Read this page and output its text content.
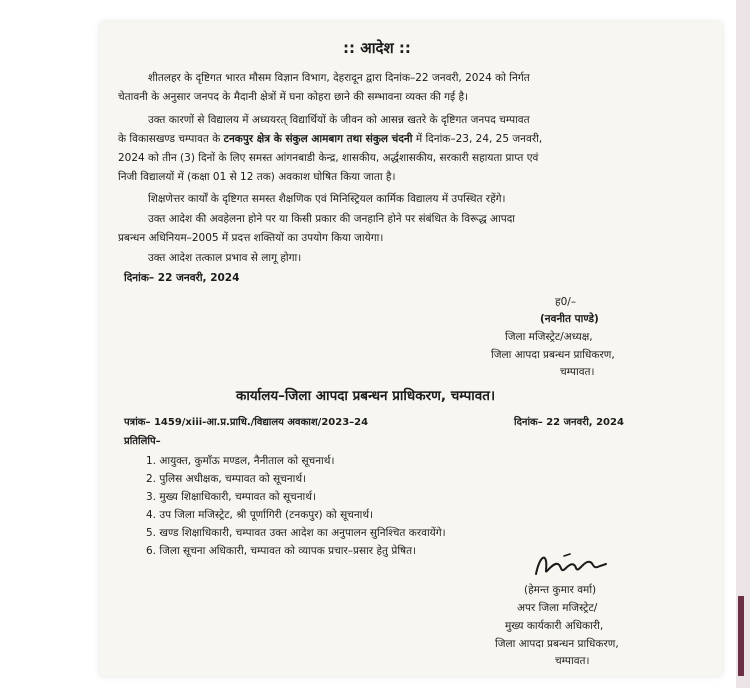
:: आदेश ::
शीतलहर के दृष्टिगत भारत मौसम विज्ञान विभाग, देहरादून द्वारा दिनांक–22 जनवरी, 2024 को निर्गत
चेतावनी के अनुसार जनपद के मैदानी क्षेत्रों में घना कोहरा छाने की सम्भावना व्यक्त की गई है।
उक्त कारणों से विद्यालय में अध्ययरत् विद्यार्थियों के जीवन को आसन्न खतरे के दृष्टिगत जनपद चम्पावत
के विकासखण्ड चम्पावत के टनकपुर क्षेत्र के संकुल आमबाग तथा संकुल चंदनी में दिनांक–23, 24, 25 जनवरी,
2024 को तीन (3) दिनों के लिए समस्त आंगनबाडी केन्द्र, शासकीय, अर्द्धशासकीय, सरकारी सहायता प्राप्त एवं
निजी विद्यालयों में (कक्षा 01 से 12 तक) अवकाश घोषित किया जाता है।
शिक्षणेत्तर कार्यों के दृष्टिगत समस्त शैक्षणिक एवं मिनिस्ट्रियल कार्मिक विद्यालय में उपस्थित रहेंगे।
उक्त आदेश की अवहेलना होने पर या किसी प्रकार की जनहानि होने पर संबंधित के विरूद्ध आपदा
प्रबन्धन अधिनियम–2005 में प्रदत्त शक्तियों का उपयोग किया जायेगा।
उक्त आदेश तत्काल प्रभाव से लागू होगा।
दिनांक– 22 जनवरी, 2024
ह0/–
(नवनीत पाण्डे)
जिला मजिस्ट्रेट/अध्यक्ष,
जिला आपदा प्रबन्धन प्राधिकरण,
चम्पावत।
कार्यालय–जिला आपदा प्रबन्धन प्राधिकरण, चम्पावत।
पत्रांक– 1459/xiii-आ.प्र.प्राधि./विद्यालय अवकाश/2023–24	दिनांक– 22 जनवरी, 2024
प्रतिलिपि–
1. आयुक्त, कुमाँऊ मण्डल, नैनीताल को सूचनार्थ।
2. पुलिस अधीक्षक, चम्पावत को सूचनार्थ।
3. मुख्य शिक्षाधिकारी, चम्पावत को सूचनार्थ।
4. उप जिला मजिस्ट्रेट, श्री पूर्णागिरी (टनकपुर) को सूचनार्थ।
5. खण्ड शिक्षाधिकारी, चम्पावत उक्त आदेश का अनुपालन सुनिश्चित करवायेंगे।
6. जिला सूचना अधिकारी, चम्पावत को व्यापक प्रचार–प्रसार हेतु प्रेषित।
(हेमन्त कुमार वर्मा)
अपर जिला मजिस्ट्रेट/
मुख्य कार्यकारी अधिकारी,
जिला आपदा प्रबन्धन प्राधिकरण,
चम्पावत।
